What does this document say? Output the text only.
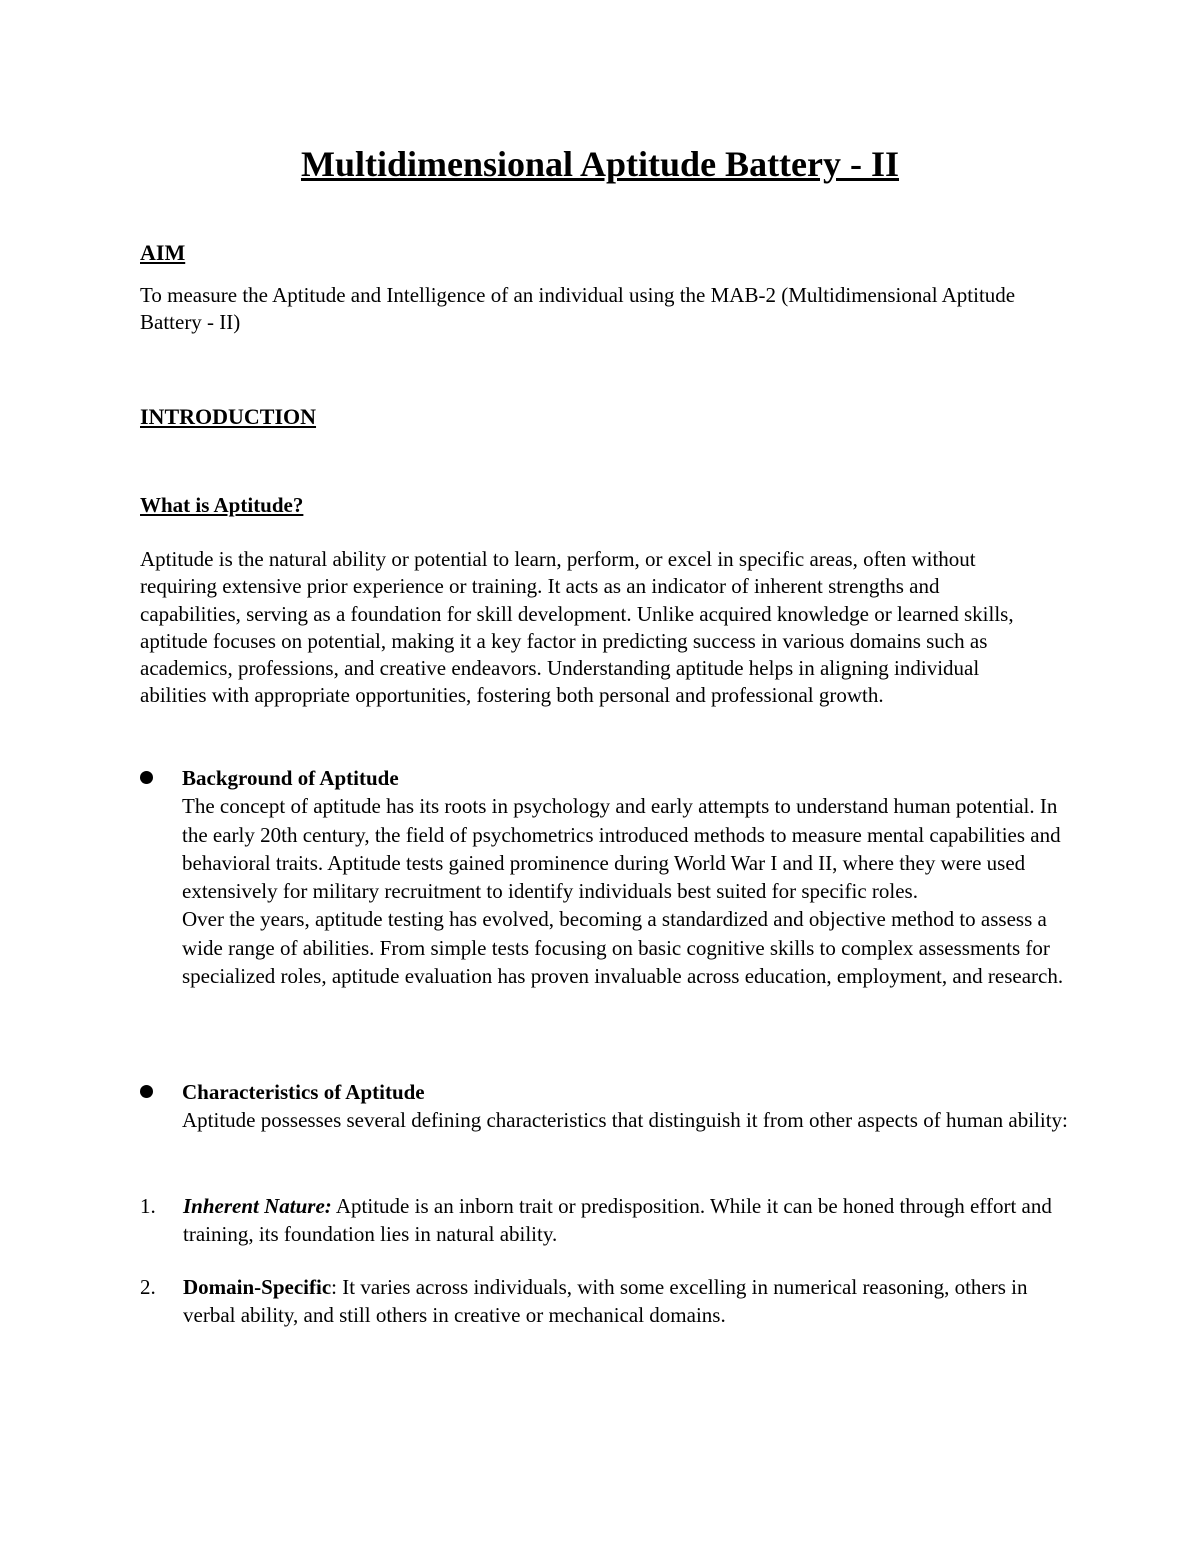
Multidimensional Aptitude Battery - II
AIM

To measure the Aptitude and Intelligence of an individual using the MAB-2 (Multidimensional Aptitude Battery - II)

INTRODUCTION
What is Aptitude?

Aptitude is the natural ability or potential to learn, perform, or excel in specific areas, often without requiring extensive prior experience or training. It acts as an indicator of inherent strengths and capabilities, serving as a foundation for skill development. Unlike acquired knowledge or learned skills, aptitude focuses on potential, making it a key factor in predicting success in various domains such as academics, professions, and creative endeavors. Understanding aptitude helps in aligning individual abilities with appropriate opportunities, fostering both personal and professional growth.

Background of Aptitude
The concept of aptitude has its roots in psychology and early attempts to understand human potential. In the early 20th century, the field of psychometrics introduced methods to measure mental capabilities and behavioral traits. Aptitude tests gained prominence during World War I and II, where they were used extensively for military recruitment to identify individuals best suited for specific roles.
Over the years, aptitude testing has evolved, becoming a standardized and objective method to assess a wide range of abilities. From simple tests focusing on basic cognitive skills to complex assessments for specialized roles, aptitude evaluation has proven invaluable across education, employment, and research.
Characteristics of Aptitude
Aptitude possesses several defining characteristics that distinguish it from other aspects of human ability:
1. Inherent Nature: Aptitude is an inborn trait or predisposition. While it can be honed through effort and training, its foundation lies in natural ability.
2. Domain-Specific: It varies across individuals, with some excelling in numerical reasoning, others in verbal ability, and still others in creative or mechanical domains.
